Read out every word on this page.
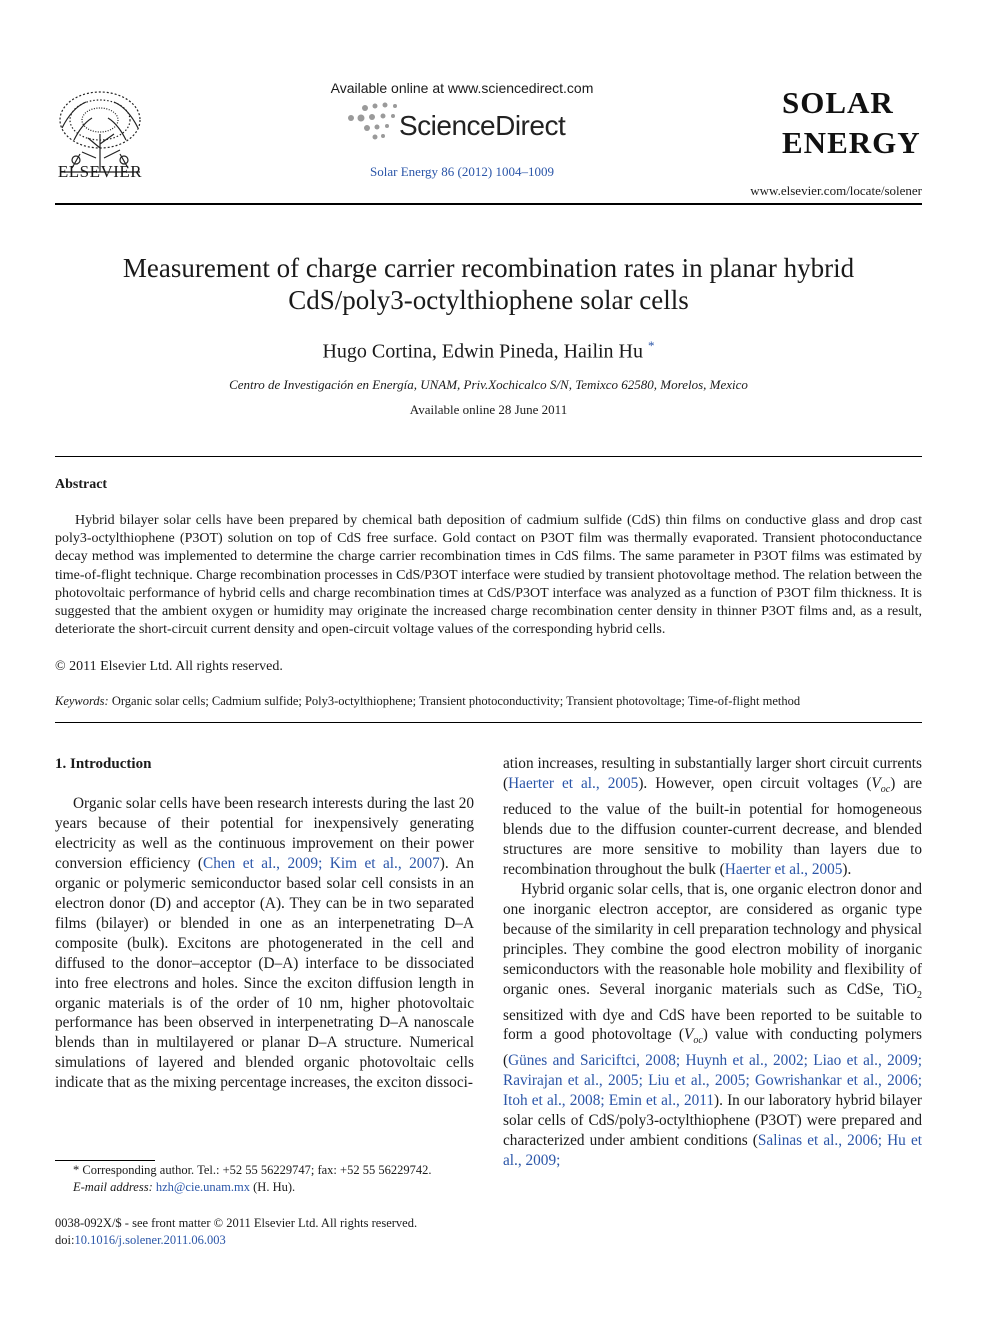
ELSEVIER
Available online at www.sciencedirect.com
ScienceDirect
Solar Energy 86 (2012) 1004–1009
SOLAR
ENERGY
www.elsevier.com/locate/solener
Measurement of charge carrier recombination rates in planar hybrid
CdS/poly3-octylthiophene solar cells
Hugo Cortina, Edwin Pineda, Hailin Hu *
Centro de Investigación en Energía, UNAM, Priv.Xochicalco S/N, Temixco 62580, Morelos, Mexico
Available online 28 June 2011
Abstract
Hybrid bilayer solar cells have been prepared by chemical bath deposition of cadmium sulfide (CdS) thin films on conductive glass and drop cast poly3-octylthiophene (P3OT) solution on top of CdS free surface. Gold contact on P3OT film was thermally evaporated. Transient photoconductance decay method was implemented to determine the charge carrier recombination times in CdS films. The same parameter in P3OT films was estimated by time-of-flight technique. Charge recombination processes in CdS/P3OT interface were studied by transient photovoltage method. The relation between the photovoltaic performance of hybrid cells and charge recombination times at CdS/P3OT interface was analyzed as a function of P3OT film thickness. It is suggested that the ambient oxygen or humidity may originate the increased charge recombination center density in thinner P3OT films and, as a result, deteriorate the short-circuit current density and open-circuit voltage values of the corresponding hybrid cells.
© 2011 Elsevier Ltd. All rights reserved.
Keywords: Organic solar cells; Cadmium sulfide; Poly3-octylthiophene; Transient photoconductivity; Transient photovoltage; Time-of-flight method
1. Introduction

Organic solar cells have been research interests during the last 20 years because of their potential for inexpensively generating electricity as well as the continuous improvement on their power conversion efficiency (Chen et al., 2009; Kim et al., 2007). An organic or polymeric semiconductor based solar cell consists in an electron donor (D) and acceptor (A). They can be in two separated films (bilayer) or blended in one as an interpenetrating D–A composite (bulk). Excitons are photogenerated in the cell and diffused to the donor–acceptor (D–A) interface to be dissociated into free electrons and holes. Since the exciton diffusion length in organic materials is of the order of 10 nm, higher photovoltaic performance has been observed in interpenetrating D–A nanoscale blends than in multilayered or planar D–A structure. Numerical simulations of layered and blended organic photovoltaic cells indicate that as the mixing percentage increases, the exciton dissoci-

ation increases, resulting in substantially larger short circuit currents (Haerter et al., 2005). However, open circuit voltages $(V_{oc})$ are reduced to the value of the built-in potential for homogeneous blends due to the diffusion counter-current decrease, and blended structures are more sensitive to mobility than layers due to recombination throughout the bulk (Haerter et al., 2005).

Hybrid organic solar cells, that is, one organic electron donor and one inorganic electron acceptor, are considered as organic type because of the similarity in cell preparation technology and physical principles. They combine the good electron mobility of inorganic semiconductors with the reasonable hole mobility and flexibility of organic ones. Several inorganic materials such as CdSe, TiO$_2$ sensitized with dye and CdS have been reported to be suitable to form a good photovoltage $(V_{oc})$ value with conducting polymers (Günes and Sariciftci, 2008; Huynh et al., 2002; Liao et al., 2009; Ravirajan et al., 2005; Liu et al., 2005; Gowrishankar et al., 2006; Itoh et al., 2008; Emin et al., 2011). In our laboratory hybrid bilayer solar cells of CdS/poly3-octylthiophene (P3OT) were prepared and characterized under ambient conditions (Salinas et al., 2006; Hu et al., 2009;

* Corresponding author. Tel.: +52 55 56229747; fax: +52 55 56229742.
E-mail address: hzh@cie.unam.mx (H. Hu).
0038-092X/$ - see front matter © 2011 Elsevier Ltd. All rights reserved.
doi:10.1016/j.solener.2011.06.003
